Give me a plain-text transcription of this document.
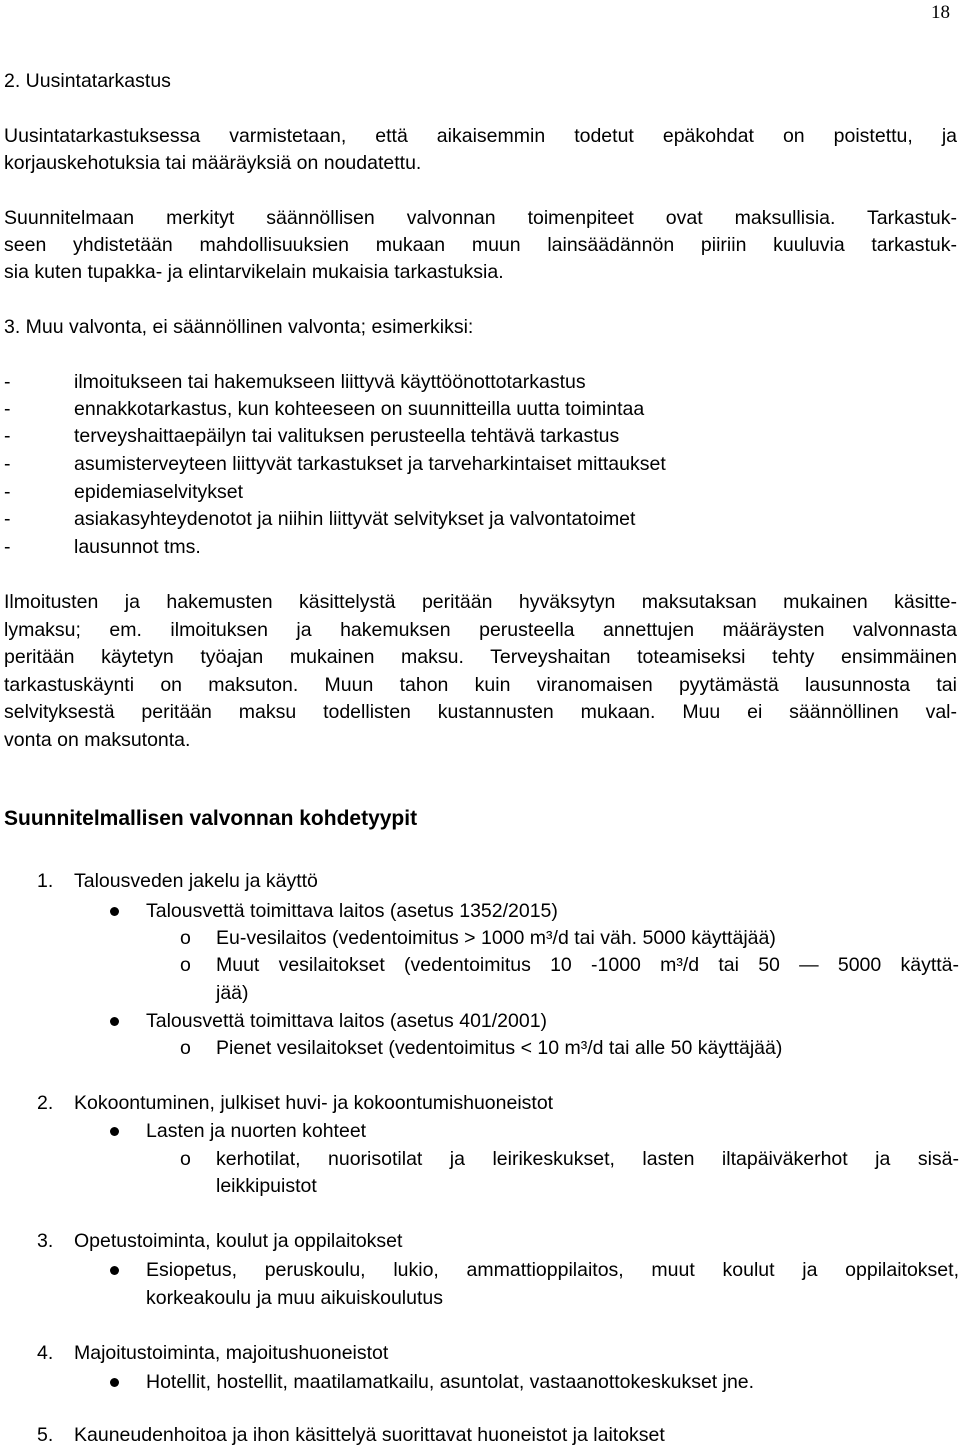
18
2. Uusintatarkastus
Uusintatarkastuksessa varmistetaan, että aikaisemmin todetut epäkohdat on poistettu, ja
korjauskehotuksia tai määräyksiä on noudatettu.
Suunnitelmaan merkityt säännöllisen valvonnan toimenpiteet ovat maksullisia. Tarkastuk-
seen yhdistetään mahdollisuuksien mukaan muun lainsäädännön piiriin kuuluvia tarkastuk-
sia kuten tupakka- ja elintarvikelain mukaisia tarkastuksia.
3. Muu valvonta, ei säännöllinen valvonta; esimerkiksi:
-	ilmoitukseen tai hakemukseen liittyvä käyttöönottotarkastus
-	ennakkotarkastus, kun kohteeseen on suunnitteilla uutta toimintaa
-	terveyshaittaepäilyn tai valituksen perusteella tehtävä tarkastus
-	asumisterveyteen liittyvät tarkastukset ja tarveharkintaiset mittaukset
-	epidemiaselvitykset
-	asiakasyhteydenotot ja niihin liittyvät selvitykset ja valvontatoimet
-	lausunnot tms.
Ilmoitusten ja hakemusten käsittelystä peritään hyväksytyn maksutaksan mukainen käsitte-
lymaksu; em. ilmoituksen ja hakemuksen perusteella annettujen määräysten valvonnasta
peritään käytetyn työajan mukainen maksu. Terveyshaitan toteamiseksi tehty ensimmäinen
tarkastuskäynti on maksuton. Muun tahon kuin viranomaisen pyytämästä lausunnosta tai
selvityksestä peritään maksu todellisten kustannusten mukaan. Muu ei säännöllinen val-
vonta on maksutonta.
Suunnitelmallisen valvonnan kohdetyypit
1. Talousveden jakelu ja käyttö
Talousvettä toimittava laitos (asetus 1352/2015)
o Eu-vesilaitos (vedentoimitus > 1000 m³/d tai väh. 5000 käyttäjää)
o Muut vesilaitokset (vedentoimitus 10 -1000 m³/d tai 50 — 5000 käyttä-
jää)
Talousvettä toimittava laitos (asetus 401/2001)
o Pienet vesilaitokset (vedentoimitus < 10 m³/d tai alle 50 käyttäjää)
2. Kokoontuminen, julkiset huvi- ja kokoontumishuoneistot
Lasten ja nuorten kohteet
o kerhotilat, nuorisotilat ja leirikeskukset, lasten iltapäiväkerhot ja sisä-
leikkipuistot
3. Opetustoiminta, koulut ja oppilaitokset
Esiopetus, peruskoulu, lukio, ammattioppilaitos, muut koulut ja oppilaitokset,
korkeakoulu ja muu aikuiskoulutus
4. Majoitustoiminta, majoitushuoneistot
Hotellit, hostellit, maatilamatkailu, asuntolat, vastaanottokeskukset jne.
5. Kauneudenhoitoa ja ihon käsittelyä suorittavat huoneistot ja laitokset
